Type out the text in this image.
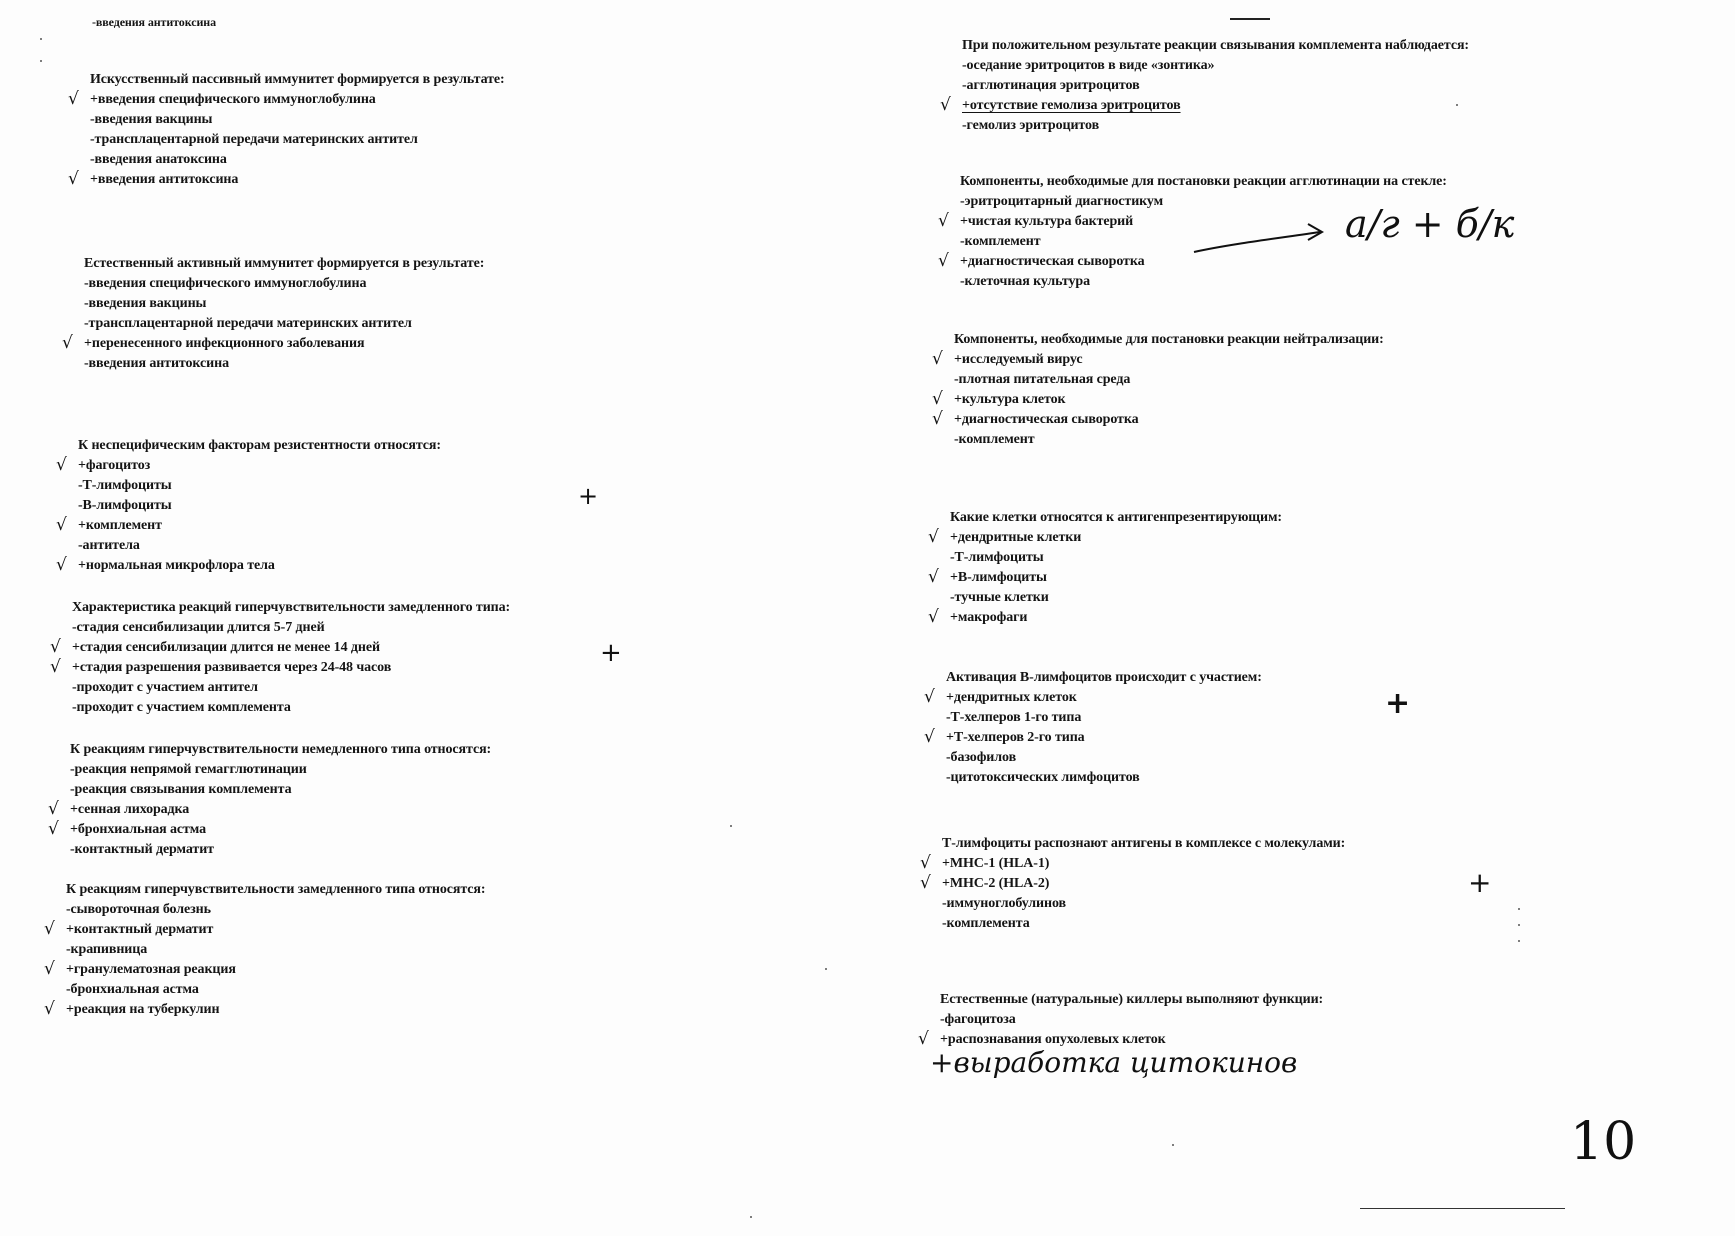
-введения антитоксина
Искусственный пассивный иммунитет формируется в результате:
√ +введения специфического иммуноглобулина
-введения вакцины
-трансплацентарной передачи материнских антител
-введения анатоксина
√ +введения антитоксина
Естественный активный иммунитет формируется в результате:
-введения специфического иммуноглобулина
-введения вакцины
-трансплацентарной передачи материнских антител
√ +перенесенного инфекционного заболевания
-введения антитоксина
К неспецифическим факторам резистентности относятся:
√ +фагоцитоз
-Т-лимфоциты
-В-лимфоциты
√ +комплемент
-антитела
√ +нормальная микрофлора тела
Характеристика реакций гиперчувствительности замедленного типа:
-стадия сенсибилизации длится 5-7 дней
√ +стадия сенсибилизации длится не менее 14 дней
√ +стадия разрешения развивается через 24-48 часов
-проходит с участием антител
-проходит с участием комплемента
К реакциям гиперчувствительности немедленного типа относятся:
-реакция непрямой гемагглютинации
-реакция связывания комплемента
√ +сенная лихорадка
√ +бронхиальная астма
-контактный дерматит
К реакциям гиперчувствительности замедленного типа относятся:
-сывороточная болезнь
√ +контактный дерматит
-крапивница
√ +гранулематозная реакция
-бронхиальная астма
√ +реакция на туберкулин
+
+
При положительном результате реакции связывания комплемента наблюдается:
-оседание эритроцитов в виде «зонтика»
-агглютинация эритроцитов
√ +отсутствие гемолиза эритроцитов
-гемолиз эритроцитов
Компоненты, необходимые для постановки реакции агглютинации на стекле:
-эритроцитарный диагностикум
√ +чистая культура бактерий
-комплемент
√ +диагностическая сыворотка
-клеточная культура
а/г + б/к
Компоненты, необходимые для постановки реакции нейтрализации:
√ +исследуемый вирус
-плотная питательная среда
√ +культура клеток
√ +диагностическая сыворотка
-комплемент
Какие клетки относятся к антигенпрезентирующим:
√ +дендритные клетки
-Т-лимфоциты
√ +В-лимфоциты
-тучные клетки
√ +макрофаги
Активация В-лимфоцитов происходит с участием:
√ +дендритных клеток
-Т-хелперов 1-го типа
√ +Т-хелперов 2-го типа
-базофилов
-цитотоксических лимфоцитов
Т-лимфоциты распознают антигены в комплексе с молекулами:
√ +MHC-1 (HLA-1)
√ +MHC-2 (HLA-2)
-иммуноглобулинов
-комплемента
Естественные (натуральные) киллеры выполняют функции:
-фагоцитоза
√ +распознавания опухолевых клеток
+выработка цитокинов
+
+
10
